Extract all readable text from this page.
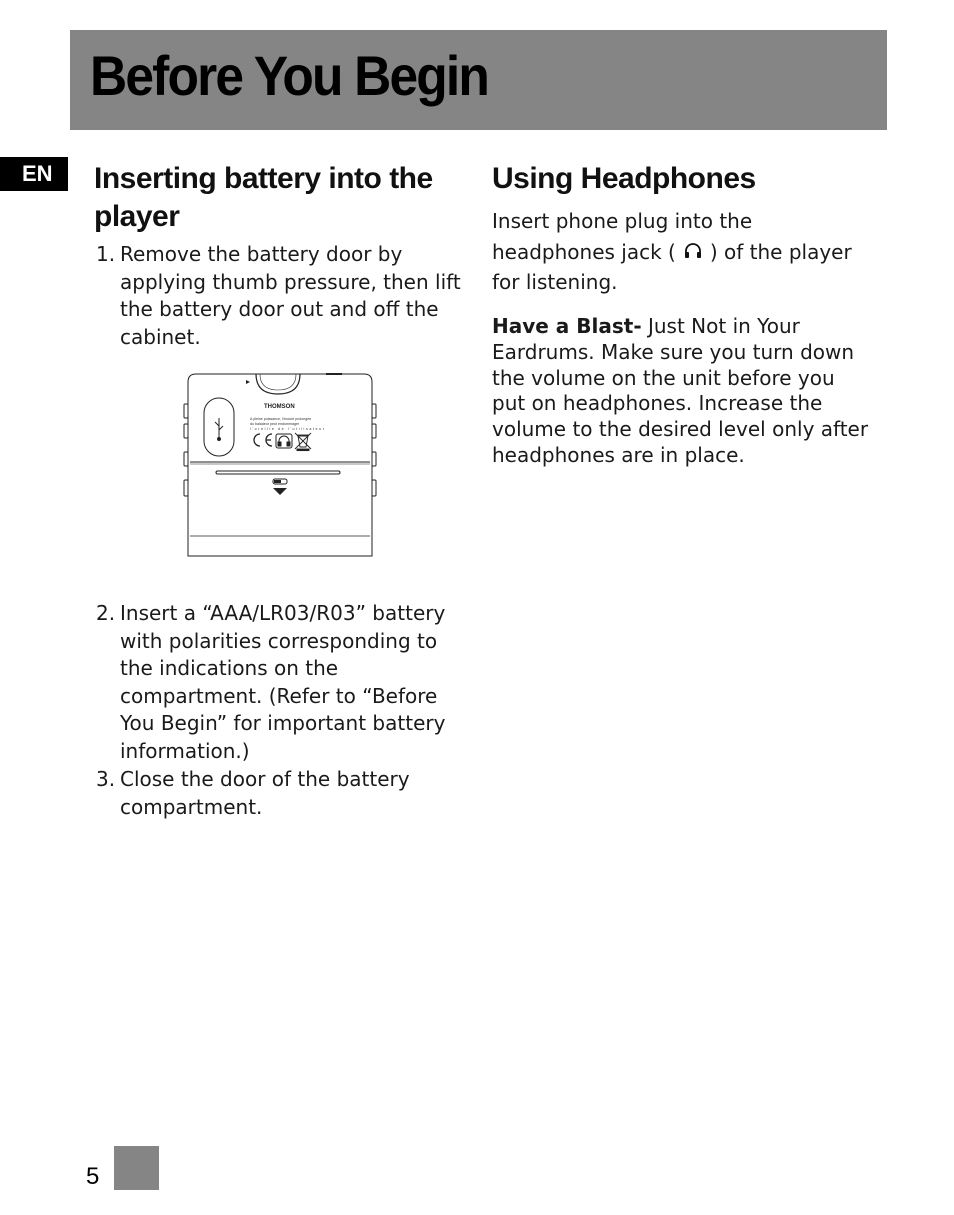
Before You Begin
EN	Inserting battery into the player
1. Remove the battery door by applying thumb pressure, then lift the battery door out and off the cabinet.
THOMSON
A pleine puissance, l'écoute prolongée
du baladeur peut endommager
l'oreille de l'utilisateur
2. Insert a “AAA/LR03/R03” battery with polarities corresponding to the indications on the compartment. (Refer to “Before You Begin” for important battery information.)
3. Close the door of the battery compartment.
Using Headphones
Insert phone plug into the headphones jack ( ) of the player for listening.
Have a Blast- Just Not in Your Eardrums. Make sure you turn down the volume on the unit before you put on headphones. Increase the volume to the desired level only after headphones are in place.
5
